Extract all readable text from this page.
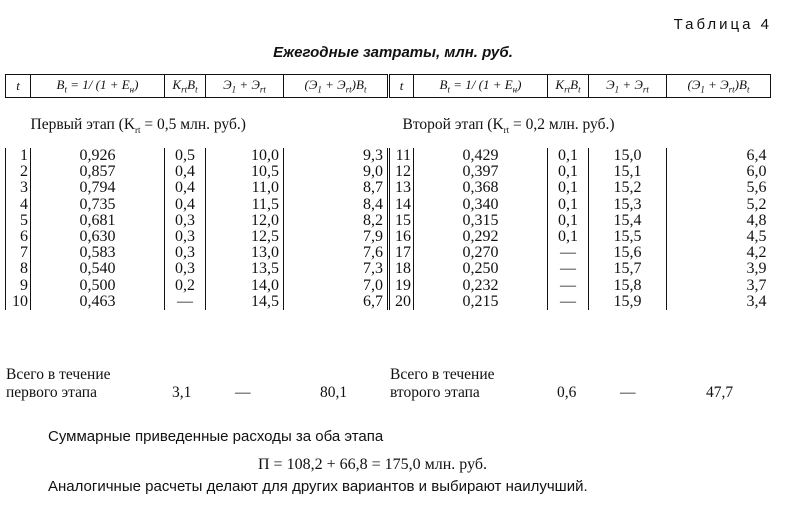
Таблица 4
Ежегодные затраты, млн. руб.
t	$B_t = 1/$ $(1 + E_н)$	$K_{rt}B_t$	$Э_1 + Э_{rt}$	$(Э_1 + Э_{rt})B_t$	t	$B_t = 1/$ $(1 + E_н)$	$K_{rt}B_t$	$Э_1 + Э_{rt}$	$(Э_1 + Э_{rt})B_t$

	Первый этап ($K_{rt} = 0,5$ млн. руб.)				Второй этап ($K_{rt} = 0,2$ млн. руб.)				

1	0,926	0,5	10,0	9,3	11	0,429	0,1	15,0	6,4
2	0,857	0,4	10,5	9,0	12	0,397	0,1	15,1	6,0
3	0,794	0,4	11,0	8,7	13	0,368	0,1	15,2	5,6
4	0,735	0,4	11,5	8,4	14	0,340	0,1	15,3	5,2
5	0,681	0,3	12,0	8,2	15	0,315	0,1	15,4	4,8
6	0,630	0,3	12,5	7,9	16	0,292	0,1	15,5	4,5
7	0,583	0,3	13,0	7,6	17	0,270	—	15,6	4,2
8	0,540	0,3	13,5	7,3	18	0,250	—	15,7	3,9
9	0,500	0,2	14,0	7,0	19	0,232	—	15,8	3,7
10	0,463	—	14,5	6,7	20	0,215	—	15,9	3,4
Всего в течение
первого этапа	3,1	—	80,1
Всего в течение
второго этапа	0,6	—	47,7
Суммарные приведенные расходы за оба этапа
П = 108,2 + 66,8 = 175,0 млн. руб.
Аналогичные расчеты делают для других вариантов и выбирают наилучший.
